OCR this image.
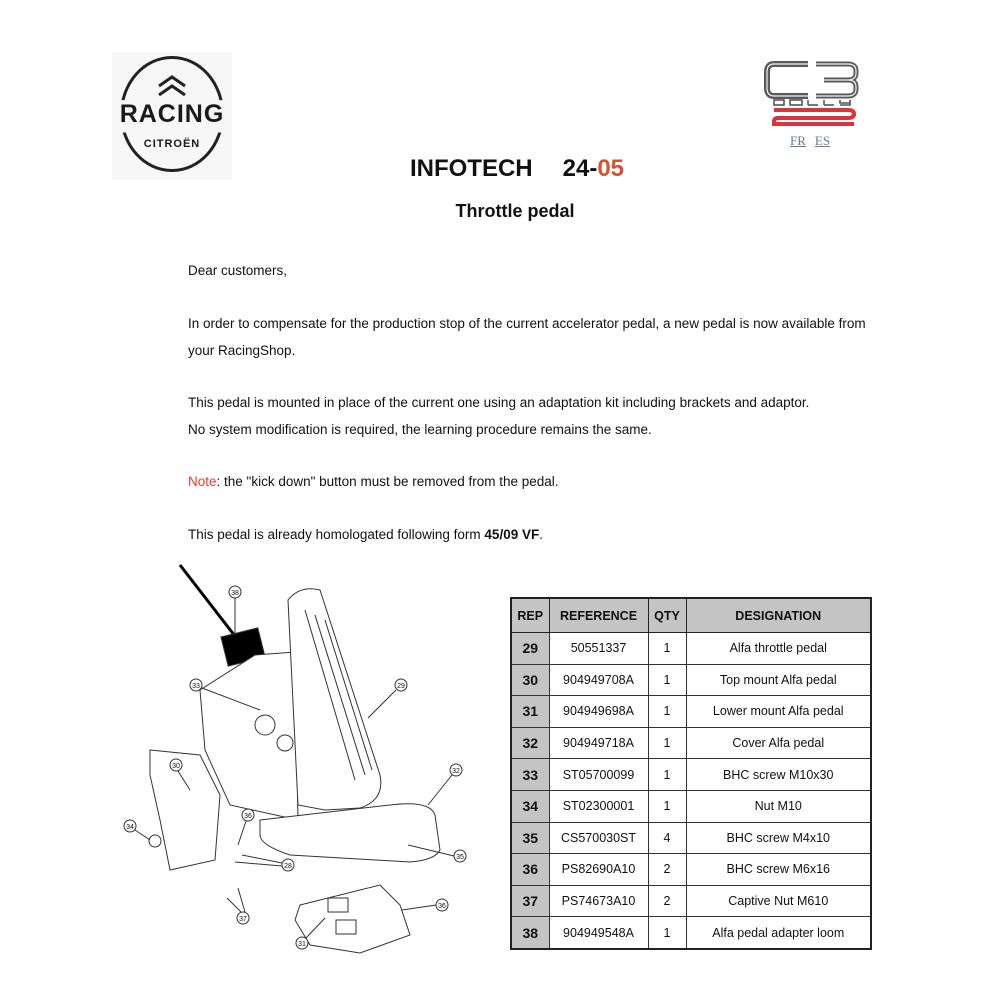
RACING
CITROËN	FR ES
INFOTECH 24-05
Throttle pedal
Dear customers,
In order to compensate for the production stop of the current accelerator pedal, a new pedal is now available from your RacingShop.
This pedal is mounted in place of the current one using an adaptation kit including brackets and adaptor.
No system modification is required, the learning procedure remains the same.
Note: the "kick down" button must be removed from the pedal.
This pedal is already homologated following form 45/09 VF.
38
33	29
30
36
34
28
32
35
37
36
31
REP	REFERENCE	QTY	DESIGNATION
29	50551337	1	Alfa throttle pedal
30	904949708A	1	Top mount Alfa pedal
31	904949698A	1	Lower mount Alfa pedal
32	904949718A	1	Cover Alfa pedal
33	ST05700099	1	BHC screw M10x30
34	ST02300001	1	Nut M10
35	CS570030ST	4	BHC screw M4x10
36	PS82690A10	2	BHC screw M6x16
37	PS74673A10	2	Captive Nut M610
38	904949548A	1	Alfa pedal adapter loom
